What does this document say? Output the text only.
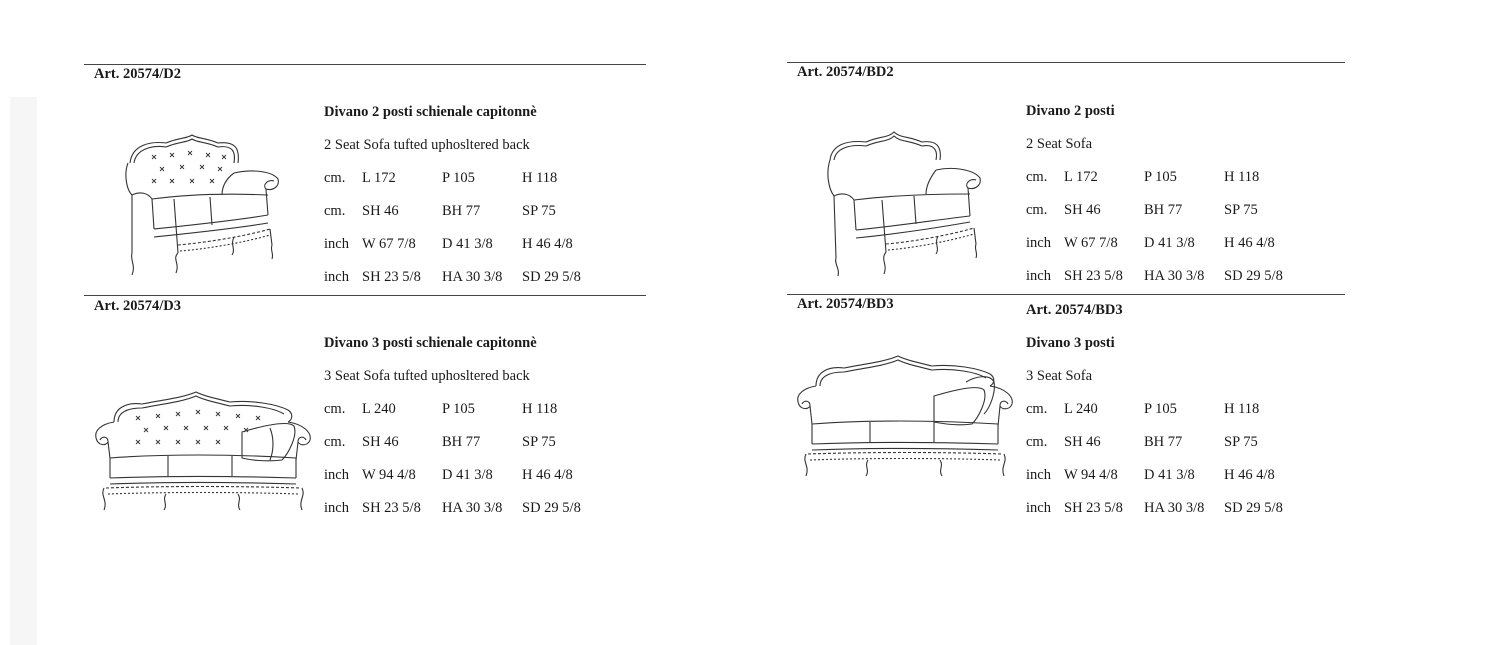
Art. 20574/D2
Divano 2 posti schienale capitonnè
2 Seat Sofa tufted uphosltered back
cm. L 172	P 105	H 118
cm. SH 46	BH 77	SP 75
inch W 67 7/8 D 41 3/8 H 46 4/8
inch SH 23 5/8 HA 30 3/8 SD 29 5/8
Art. 20574/BD2
Divano 2 posti
2 Seat Sofa
cm. L 172	P 105	H 118
cm. SH 46	BH 77	SP 75
inch W 67 7/8 D 41 3/8 H 46 4/8
inch SH 23 5/8 HA 30 3/8 SD 29 5/8
Art. 20574/D3
Divano 3 posti schienale capitonnè
3 Seat Sofa tufted uphosltered back
cm. L 240	P 105	H 118
cm. SH 46	BH 77	SP 75
inch W 94 4/8 D 41 3/8 H 46 4/8
inch SH 23 5/8 HA 30 3/8 SD 29 5/8
Art. 20574/BD3	Art. 20574/BD3
Divano 3 posti
3 Seat Sofa
cm. L 240	P 105	H 118
cm. SH 46	BH 77	SP 75
inch W 94 4/8 D 41 3/8 H 46 4/8
inch SH 23 5/8 HA 30 3/8 SD 29 5/8
